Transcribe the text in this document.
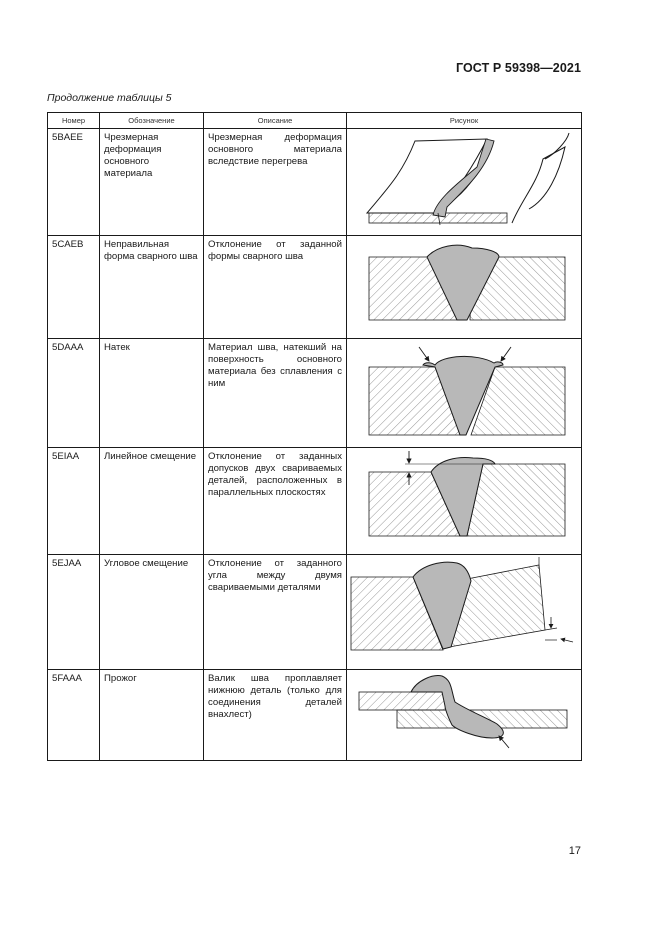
ГОСТ Р 59398—2021
Продолжение таблицы 5
Номер	Обозначение	Описание	Рисунок
5BAEE	Чрезмерная деформация основного материала	Чрезмерная деформация основного материала вследствие перегрева	

5CAEB	Неправильная форма сварного шва	Отклонение от заданной формы сварного шва	

5DAAA	Натек	Материал шва, натекший на поверхность основного материала без сплавления с ним	

5EIAA	Линейное смещение	Отклонение от заданных допусков двух свариваемых деталей, расположенных в параллельных плоскостях	

5EJAA	Угловое смещение	Отклонение от заданного угла между двумя свариваемыми деталями	

5FAAA	Прожог	Валик шва проплавляет нижнюю деталь (только для соединения деталей внахлест)	
17
